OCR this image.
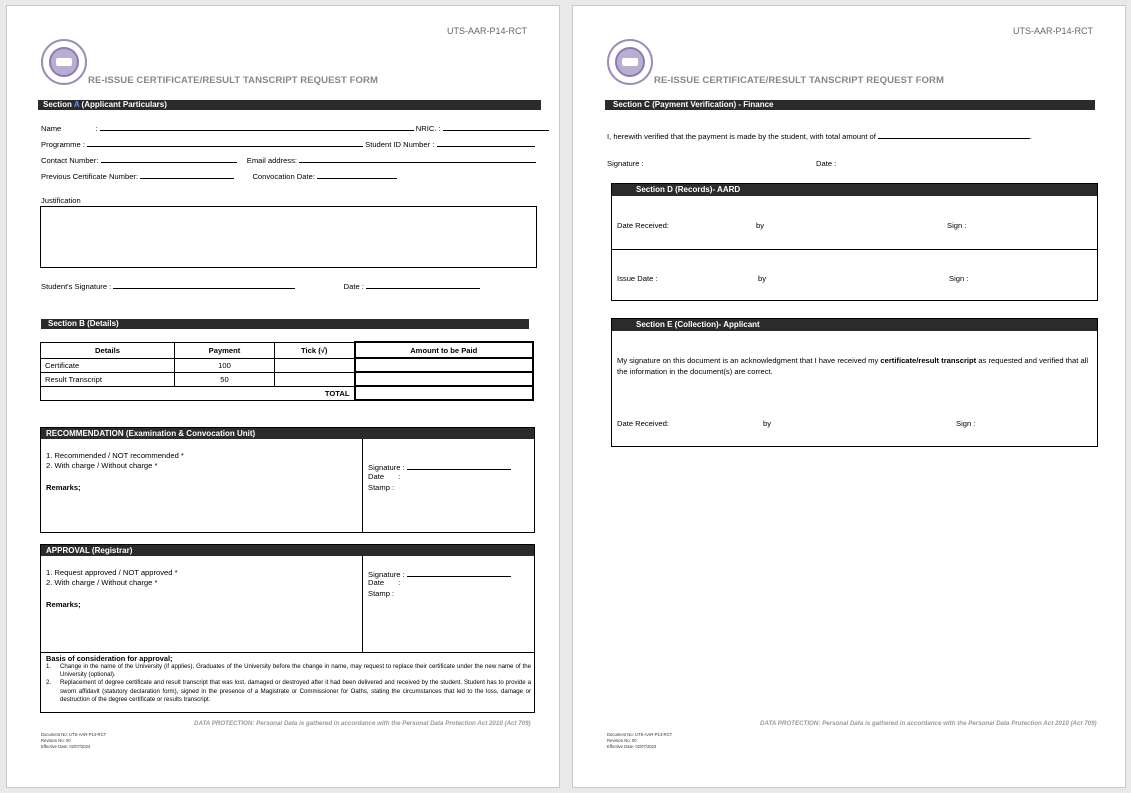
UTS-AAR-P14-RCT
RE-ISSUE CERTIFICATE/RESULT TANSCRIPT REQUEST FORM
Section A (Applicant Particulars)
Name	:	NRIC. :
Programme :	Student ID Number :
Contact Number:	Email address:
Previous Certificate Number:	Convocation Date:
Justification
Student's Signature :	Date :
Section B (Details)
Details	Payment	Tick (√)	Amount to be Paid
Certificate	100		
Result Transcript	50		
TOTAL			
RECOMMENDATION (Examination & Convocation Unit)
1. Recommended / NOT recommended *
2. With charge / Without charge *
Remarks;
Signature :
Date :
Stamp :
APPROVAL (Registrar)
1. Request approved / NOT approved *
2. With charge / Without charge *
Remarks;
Signature :
Date :
Stamp :
Basis of consideration for approval;
1.	Change in the name of the University (if applies). Graduates of the University before the change in name, may request to replace their certificate under the new name of the University (optional).
2.	Replacement of degree certificate and result transcript that was lost, damaged or destroyed after it had been delivered and received by the student. Student has to provide a sworn affidavit (statutory declaration form), signed in the presence of a Magistrate or Commissioner for Oaths, stating the circumstances that led to the loss, damage or destruction of the degree certificate or results transcript.
DATA PROTECTION: Personal Data is gathered in accordance with the Personal Data Protection Act 2010 (Act 709)
Document No: UTS-AAR-P14-RCT
Revision No: 00
Effective Date: 02/07/2024
UTS-AAR-P14-RCT
RE-ISSUE CERTIFICATE/RESULT TANSCRIPT REQUEST FORM
Section C (Payment Verification) - Finance
I, herewith verified that the payment is made by the student, with total amount of	.
Signature :	Date :
Section D (Records)- AARD
Date Received:	by	Sign :
Issue Date :	by	Sign :
Section E (Collection)- Applicant
My signature on this document is an acknowledgment that I have received my certificate/result transcript as requested and verified that all the information in the document(s) are correct.
Date Received:	by	Sign :
DATA PROTECTION: Personal Data is gathered in accordance with the Personal Data Protection Act 2010 (Act 709)
Document No: UTS-AAR-P14-RCT
Revision No: 00
Effective Date: 02/07/2024
